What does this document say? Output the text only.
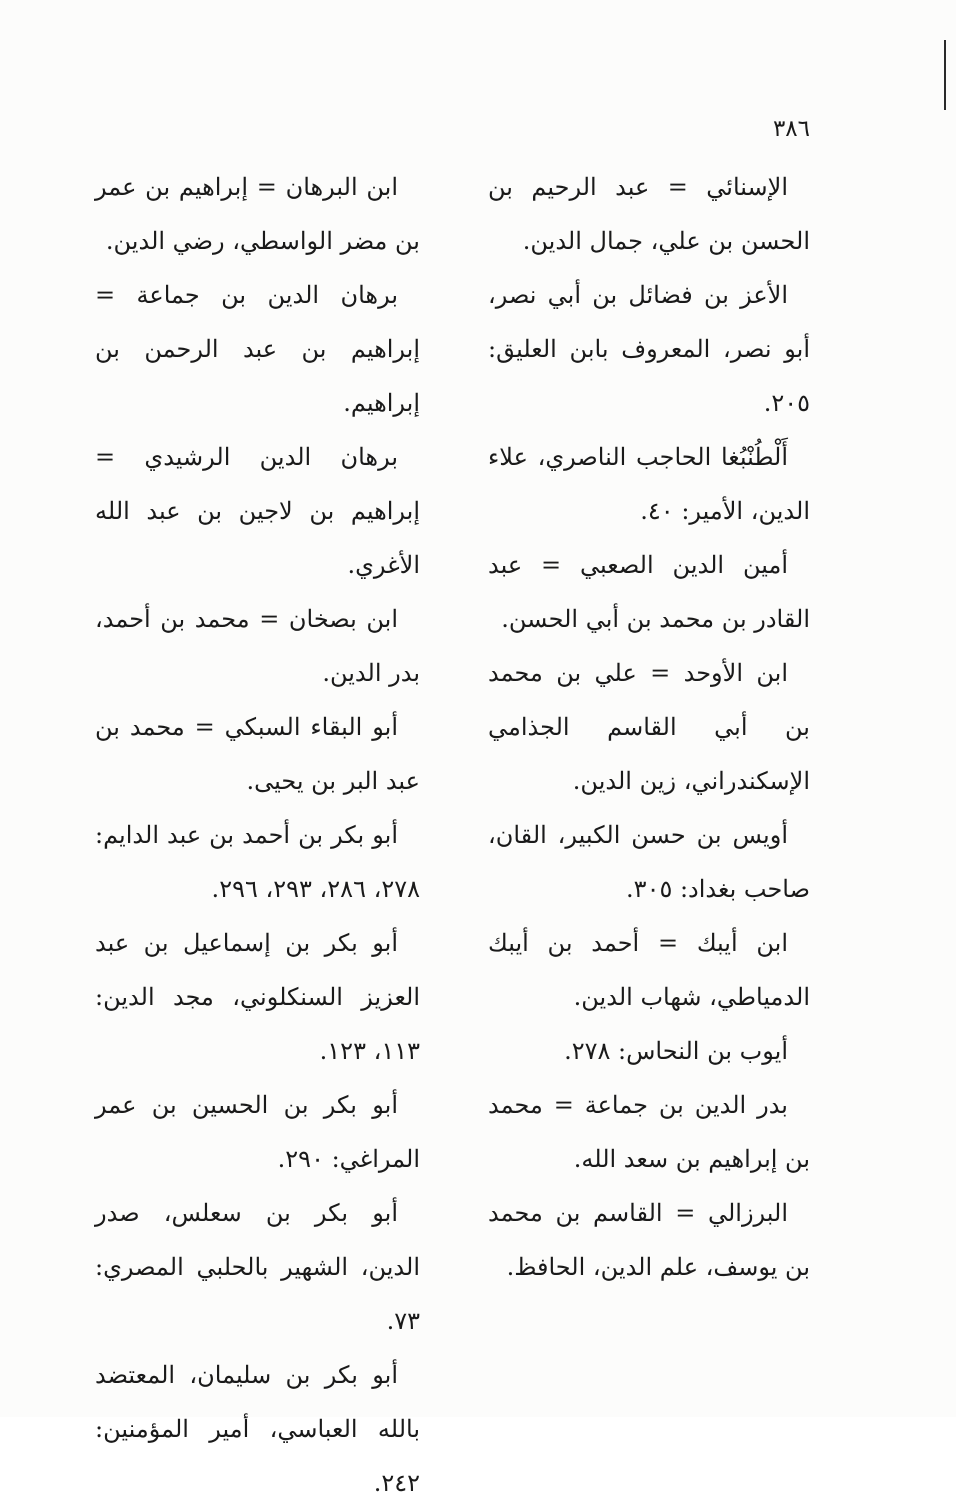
٣٨٦

الإسنائي = عبد الرحيم بن الحسن بن علي، جمال الدين.

الأعز بن فضائل بن أبي نصر، أبو نصر، المعروف بابن العليق: ٢٠٥.

أَلْطُنْبُغا الحاجب الناصري، علاء الدين، الأمير: ٤٠.

أمين الدين الصعبي = عبد القادر بن محمد بن أبي الحسن.

ابن الأوحد = علي بن محمد بن أبي القاسم الجذامي الإسكندراني، زين الدين.

أويس بن حسن الكبير، القان، صاحب بغداد: ٣٠٥.

ابن أيبك = أحمد بن أيبك الدمياطي، شهاب الدين.

أيوب بن النحاس: ٢٧٨.

بدر الدين بن جماعة = محمد بن إبراهيم بن سعد الله.

البرزالي = القاسم بن محمد بن يوسف، علم الدين، الحافظ.

ابن البرهان = إبراهيم بن عمر بن مضر الواسطي، رضي الدين.

برهان الدين بن جماعة = إبراهيم بن عبد الرحمن بن إبراهيم.

برهان الدين الرشيدي = إبراهيم بن لاجين بن عبد الله الأغري.

ابن بصخان = محمد بن أحمد، بدر الدين.

أبو البقاء السبكي = محمد بن عبد البر بن يحيى.

أبو بكر بن أحمد بن عبد الدايم: ٢٧٨، ٢٨٦، ٢٩٣، ٢٩٦.

أبو بكر بن إسماعيل بن عبد العزيز السنكلوني، مجد الدين: ١١٣، ١٢٣.

أبو بكر بن الحسين بن عمر المراغي: ٢٩٠.

أبو بكر بن سعلس، صدر الدين، الشهير بالحلبي المصري: ٧٣.

أبو بكر بن سليمان، المعتضد بالله العباسي، أمير المؤمنين: ٢٤٢.
